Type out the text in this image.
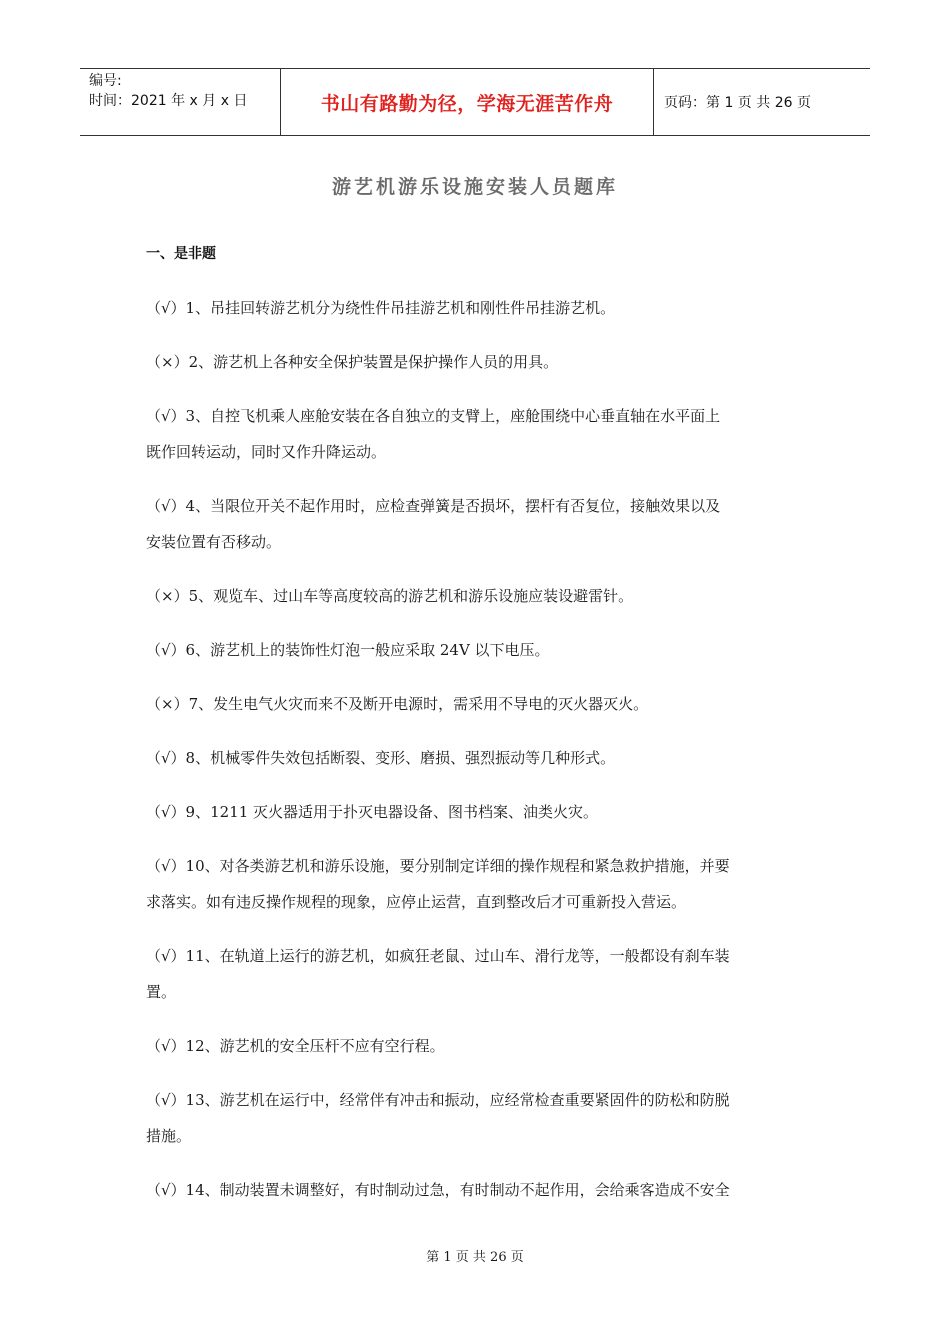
编号:
时间：2021 年 x 月 x 日	书山有路勤为径，学海无涯苦作舟	页码：第 1 页 共 26 页
游艺机游乐设施安装人员题库
一、是非题
（√）1、吊挂回转游艺机分为绕性件吊挂游艺机和刚性件吊挂游艺机。
（×）2、游艺机上各种安全保护装置是保护操作人员的用具。
（√）3、自控飞机乘人座舱安装在各自独立的支臂上，座舱围绕中心垂直轴在水平面上
既作回转运动，同时又作升降运动。
（√）4、当限位开关不起作用时，应检查弹簧是否损坏，摆杆有否复位，接触效果以及
安装位置有否移动。
（×）5、观览车、过山车等高度较高的游艺机和游乐设施应装设避雷针。
（√）6、游艺机上的装饰性灯泡一般应采取 24V 以下电压。
（×）7、发生电气火灾而来不及断开电源时，需采用不导电的灭火器灭火。
（√）8、机械零件失效包括断裂、变形、磨损、强烈振动等几种形式。
（√）9、1211 灭火器适用于扑灭电器设备、图书档案、油类火灾。
（√）10、对各类游艺机和游乐设施，要分别制定详细的操作规程和紧急救护措施，并要
求落实。如有违反操作规程的现象，应停止运营，直到整改后才可重新投入营运。
（√）11、在轨道上运行的游艺机，如疯狂老鼠、过山车、滑行龙等，一般都设有刹车装
置。
（√）12、游艺机的安全压杆不应有空行程。
（√）13、游艺机在运行中，经常伴有冲击和振动，应经常检查重要紧固件的防松和防脱
措施。
（√）14、制动装置未调整好，有时制动过急，有时制动不起作用，会给乘客造成不安全
第 1 页 共 26 页
